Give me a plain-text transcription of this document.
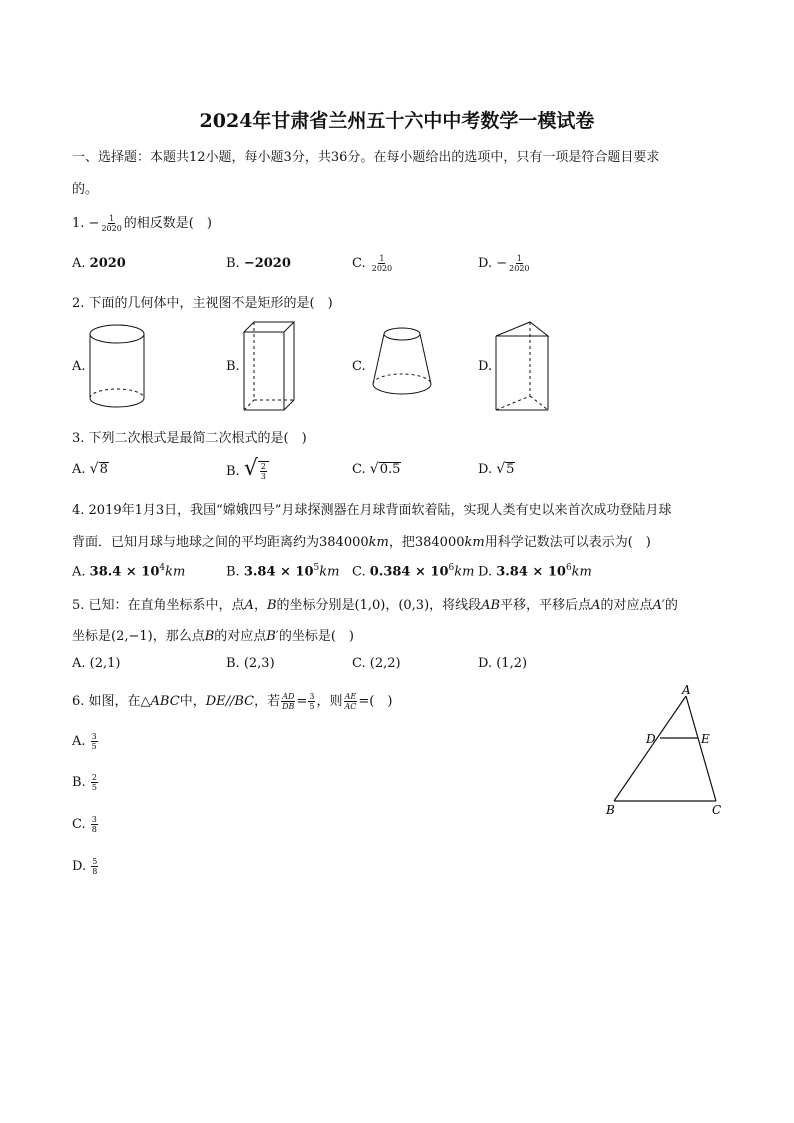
2024年甘肃省兰州五十六中中考数学一模试卷
一、选择题：本题共12小题，每小题3分，共36分。在每小题给出的选项中，只有一项是符合题目要求
的。
1. − $\frac{1}{2020}$ 的相反数是(　)
A. 2020	B. −2020	C. $\frac{1}{2020}$	D. − $\frac{1}{2020}$
2. 下面的几何体中，主视图不是矩形的是(　)
A.	B.	C.	D.
3. 下列二次根式是最简二次根式的是(　)
A. √8	B. √ $\frac{2}{3}$	C. √0.5	D. √5
4. 2019年1月3日，我国“嫦娥四号”月球探测器在月球背面软着陆，实现人类有史以来首次成功登陆月球
背面．已知月球与地球之间的平均距离约为384000km，把384000km用科学记数法可以表示为(　)
A. $38.4 \times 10^4km$	B. $3.84 \times 10^5km$ C. $0.384 \times 10^6km$ D. $3.84 \times 10^6km$
5. 已知：在直角坐标系中，点A，B的坐标分别是(1,0)，(0,3)，将线段AB平移，平移后点A的对应点A′的
坐标是(2,−1)，那么点B的对应点B′的坐标是(　)
A. (2,1)	B. (2,3)	C. (2,2)	D. (1,2)
6. 如图，在△ABC中，DE//BC，若 $\frac{AD}{DB} = \frac{3}{5}$ ，则 $\frac{AE}{AC}$ =(　)
A. $\frac{3}{5}$
B. $\frac{2}{5}$
C. $\frac{3}{8}$
D. $\frac{5}{8}$
A
D	E
B	C
